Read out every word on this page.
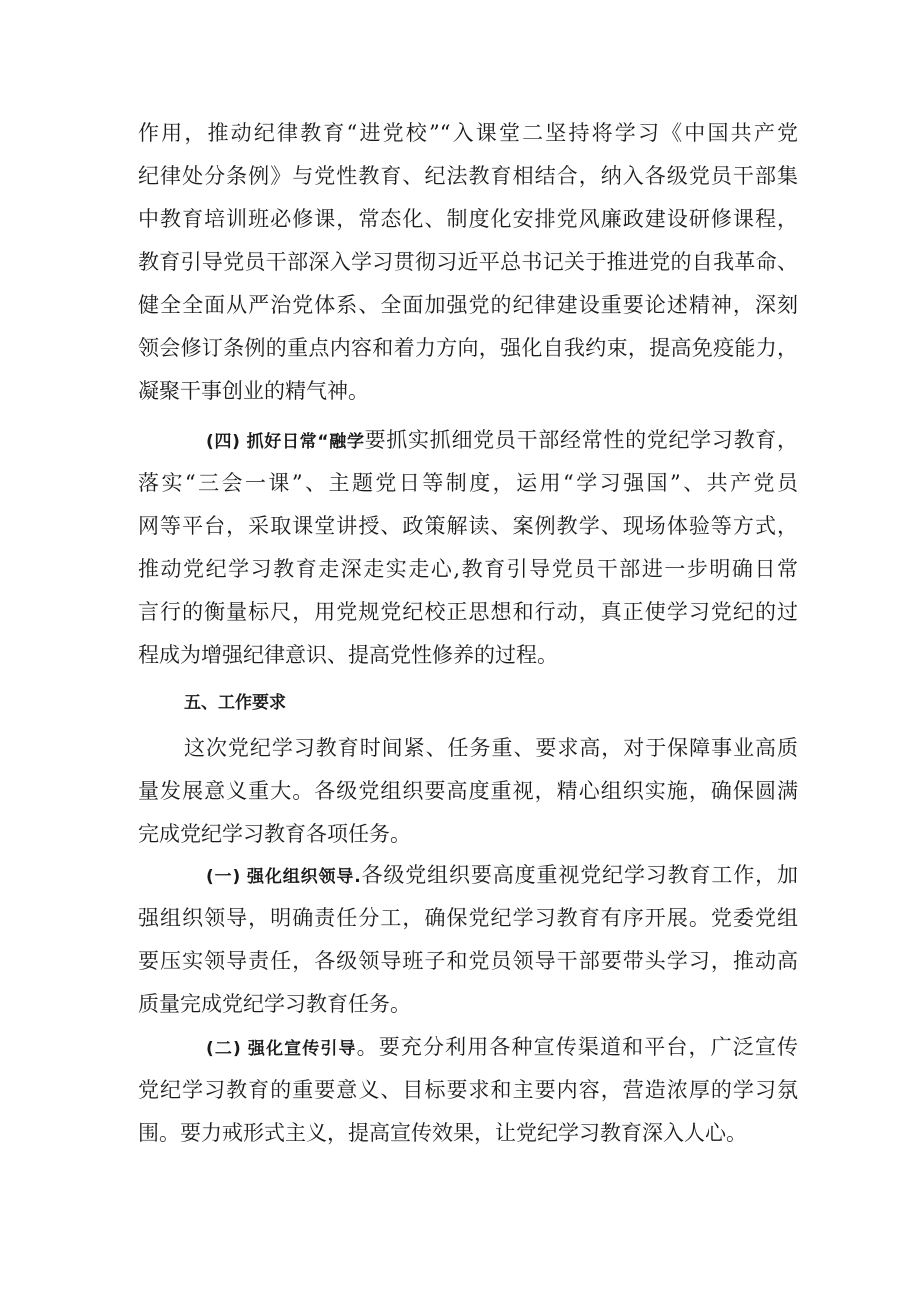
作用，推动纪律教育“进党校”“入课堂二坚持将学习《中国共产党
纪律处分条例》与党性教育、纪法教育相结合，纳入各级党员干部集
中教育培训班必修课，常态化、制度化安排党风廉政建设研修课程，
教育引导党员干部深入学习贯彻习近平总书记关于推进党的自我革命、
健全全面从严治党体系、全面加强党的纪律建设重要论述精神，深刻
领会修订条例的重点内容和着力方向，强化自我约束，提高免疫能力，
凝聚干事创业的精气神。
(四) 抓好日常“融学要抓实抓细党员干部经常性的党纪学习教育，
落实“三会一课”、主题党日等制度，运用“学习强国”、共产党员
网等平台，采取课堂讲授、政策解读、案例教学、现场体验等方式，
推动党纪学习教育走深走实走心,教育引导党员干部进一步明确日常
言行的衡量标尺，用党规党纪校正思想和行动，真正使学习党纪的过
程成为增强纪律意识、提高党性修养的过程。
五、工作要求
这次党纪学习教育时间紧、任务重、要求高，对于保障事业高质
量发展意义重大。各级党组织要高度重视，精心组织实施，确保圆满
完成党纪学习教育各项任务。
(一) 强化组织领导.各级党组织要高度重视党纪学习教育工作，加
强组织领导，明确责任分工，确保党纪学习教育有序开展。党委党组
要压实领导责任，各级领导班子和党员领导干部要带头学习，推动高
质量完成党纪学习教育任务。
(二) 强化宣传引导。要充分利用各种宣传渠道和平台，广泛宣传
党纪学习教育的重要意义、目标要求和主要内容，营造浓厚的学习氛
围。要力戒形式主义，提高宣传效果，让党纪学习教育深入人心。
